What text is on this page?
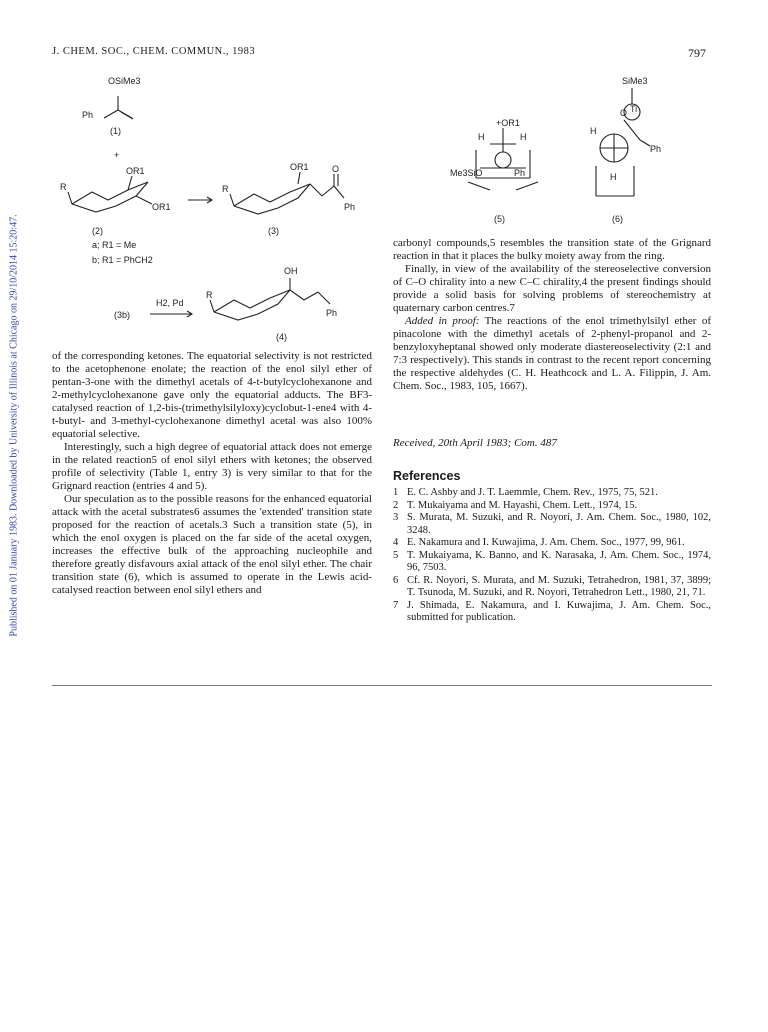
J. CHEM. SOC., CHEM. COMMUN., 1983	797
Published on 01 January 1983. Downloaded by University of Illinois at Chicago on 29/10/2014 15:20:47.
OSiMe3
Ph
(1)
+
R
OR1
OR1
(2)
a; R1 = Me
b; R1 = PhCH2
R
OR1	O
Ph
(3)
(3b)
H2, Pd
R
OH
Ph
(4)
+OR1
H	H
Me3SiO	Ph
(5)
SiMe3
O Ti
H
H
Ph
(6)

of the corresponding ketones. The equatorial selectivity is not restricted to the acetophenone enolate; the reaction of the enol silyl ether of pentan-3-one with the dimethyl acetals of 4-t-butylcyclohexanone and 2-methylcyclohexanone gave only the equatorial adducts. The BF3-catalysed reaction of 1,2-bis-(trimethylsilyloxy)cyclobut-1-ene4 with 4-t-butyl- and 3-methyl-cyclohexanone dimethyl acetal was also 100% equatorial selective.

Interestingly, such a high degree of equatorial attack does not emerge in the related reaction5 of enol silyl ethers with ketones; the observed profile of selectivity (Table 1, entry 3) is very similar to that for the Grignard reaction (entries 4 and 5).

Our speculation as to the possible reasons for the enhanced equatorial attack with the acetal substrates6 assumes the 'extended' transition state proposed for the reaction of acetals.3 Such a transition state (5), in which the enol oxygen is placed on the far side of the acetal oxygen, increases the effective bulk of the approaching nucleophile and therefore greatly disfavours axial attack of the enol silyl ether. The chair transition state (6), which is assumed to operate in the Lewis acid-catalysed reaction between enol silyl ethers and

carbonyl compounds,5 resembles the transition state of the Grignard reaction in that it places the bulky moiety away from the ring.

Finally, in view of the availability of the stereoselective conversion of C–O chirality into a new C–C chirality,4 the present findings should provide a solid basis for solving problems of stereochemistry at quaternary carbon centres.7

Added in proof: The reactions of the enol trimethylsilyl ether of pinacolone with the dimethyl acetals of 2-phenyl-propanol and 2-benzyloxyheptanal showed only moderate diastereoselectivity (2:1 and 7:3 respectively). This stands in contrast to the recent report concerning the respective aldehydes (C. H. Heathcock and L. A. Filippin, J. Am. Chem. Soc., 1983, 105, 1667).

Received, 20th April 1983; Com. 487
References
1 E. C. Ashby and J. T. Laemmle, Chem. Rev., 1975, 75, 521.
2 T. Mukaiyama and M. Hayashi, Chem. Lett., 1974, 15.
3 S. Murata, M. Suzuki, and R. Noyori, J. Am. Chem. Soc., 1980, 102, 3248.
4 E. Nakamura and I. Kuwajima, J. Am. Chem. Soc., 1977, 99, 961.
5 T. Mukaiyama, K. Banno, and K. Narasaka, J. Am. Chem. Soc., 1974, 96, 7503.
6 Cf. R. Noyori, S. Murata, and M. Suzuki, Tetrahedron, 1981, 37, 3899; T. Tsunoda, M. Suzuki, and R. Noyori, Tetrahedron Lett., 1980, 21, 71.
7 J. Shimada, E. Nakamura, and I. Kuwajima, J. Am. Chem. Soc., submitted for publication.
